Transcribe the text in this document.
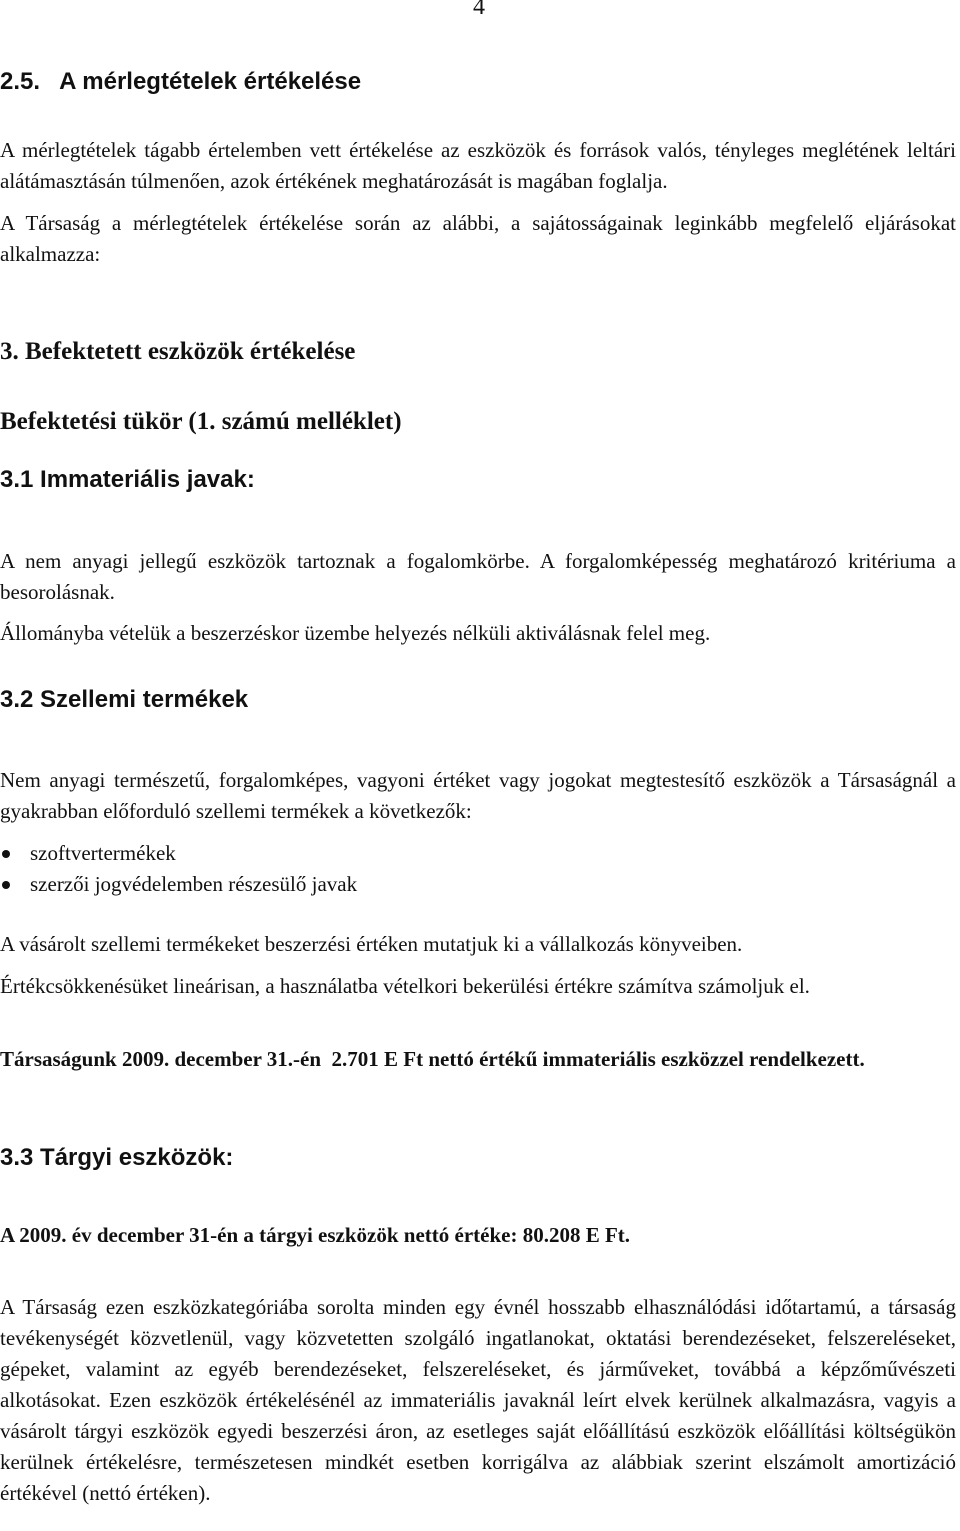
4
2.5.   A mérlegtételek értékelése
A mérlegtételek tágabb értelemben vett értékelése az eszközök és források valós, tényleges meglétének leltári alátámasztásán túlmenően, azok értékének meghatározását is magában foglalja.
A Társaság a mérlegtételek értékelése során az alábbi, a sajátosságainak leginkább megfelelő eljárásokat alkalmazza:
3. Befektetett eszközök értékelése
Befektetési tükör (1. számú melléklet)
3.1 Immateriális javak:
A nem anyagi jellegű eszközök tartoznak a fogalomkörbe. A forgalomképesség meghatározó kritériuma a besorolásnak.
Állományba vételük a beszerzéskor üzembe helyezés nélküli aktiválásnak felel meg.
3.2 Szellemi termékek
Nem anyagi természetű, forgalomképes, vagyoni értéket vagy jogokat megtestesítő eszközök a Társaságnál a gyakrabban előforduló szellemi termékek a következők:
szoftvertermékek
szerzői jogvédelemben részesülő javak
A vásárolt szellemi termékeket beszerzési értéken mutatjuk ki a vállalkozás könyveiben.
Értékcsökkenésüket lineárisan, a használatba vételkori bekerülési értékre számítva számoljuk el.
Társaságunk 2009. december 31.-én  2.701 E Ft nettó értékű immateriális eszközzel rendelkezett.
3.3 Tárgyi eszközök:
A 2009. év december 31-én a tárgyi eszközök nettó értéke: 80.208 E Ft.
A Társaság ezen eszközkategóriába sorolta minden egy évnél hosszabb elhasználódási időtartamú, a társaság tevékenységét közvetlenül, vagy közvetetten szolgáló ingatlanokat, oktatási berendezéseket, felszereléseket, gépeket, valamint az egyéb berendezéseket, felszereléseket, és járműveket, továbbá a képzőművészeti alkotásokat. Ezen eszközök értékelésénél az immateriális javaknál leírt elvek kerülnek alkalmazásra, vagyis a vásárolt tárgyi eszközök egyedi beszerzési áron, az esetleges saját előállítású eszközök előállítási költségükön kerülnek értékelésre, természetesen mindkét esetben korrigálva az alábbiak szerint elszámolt amortizáció értékével (nettó értéken).
